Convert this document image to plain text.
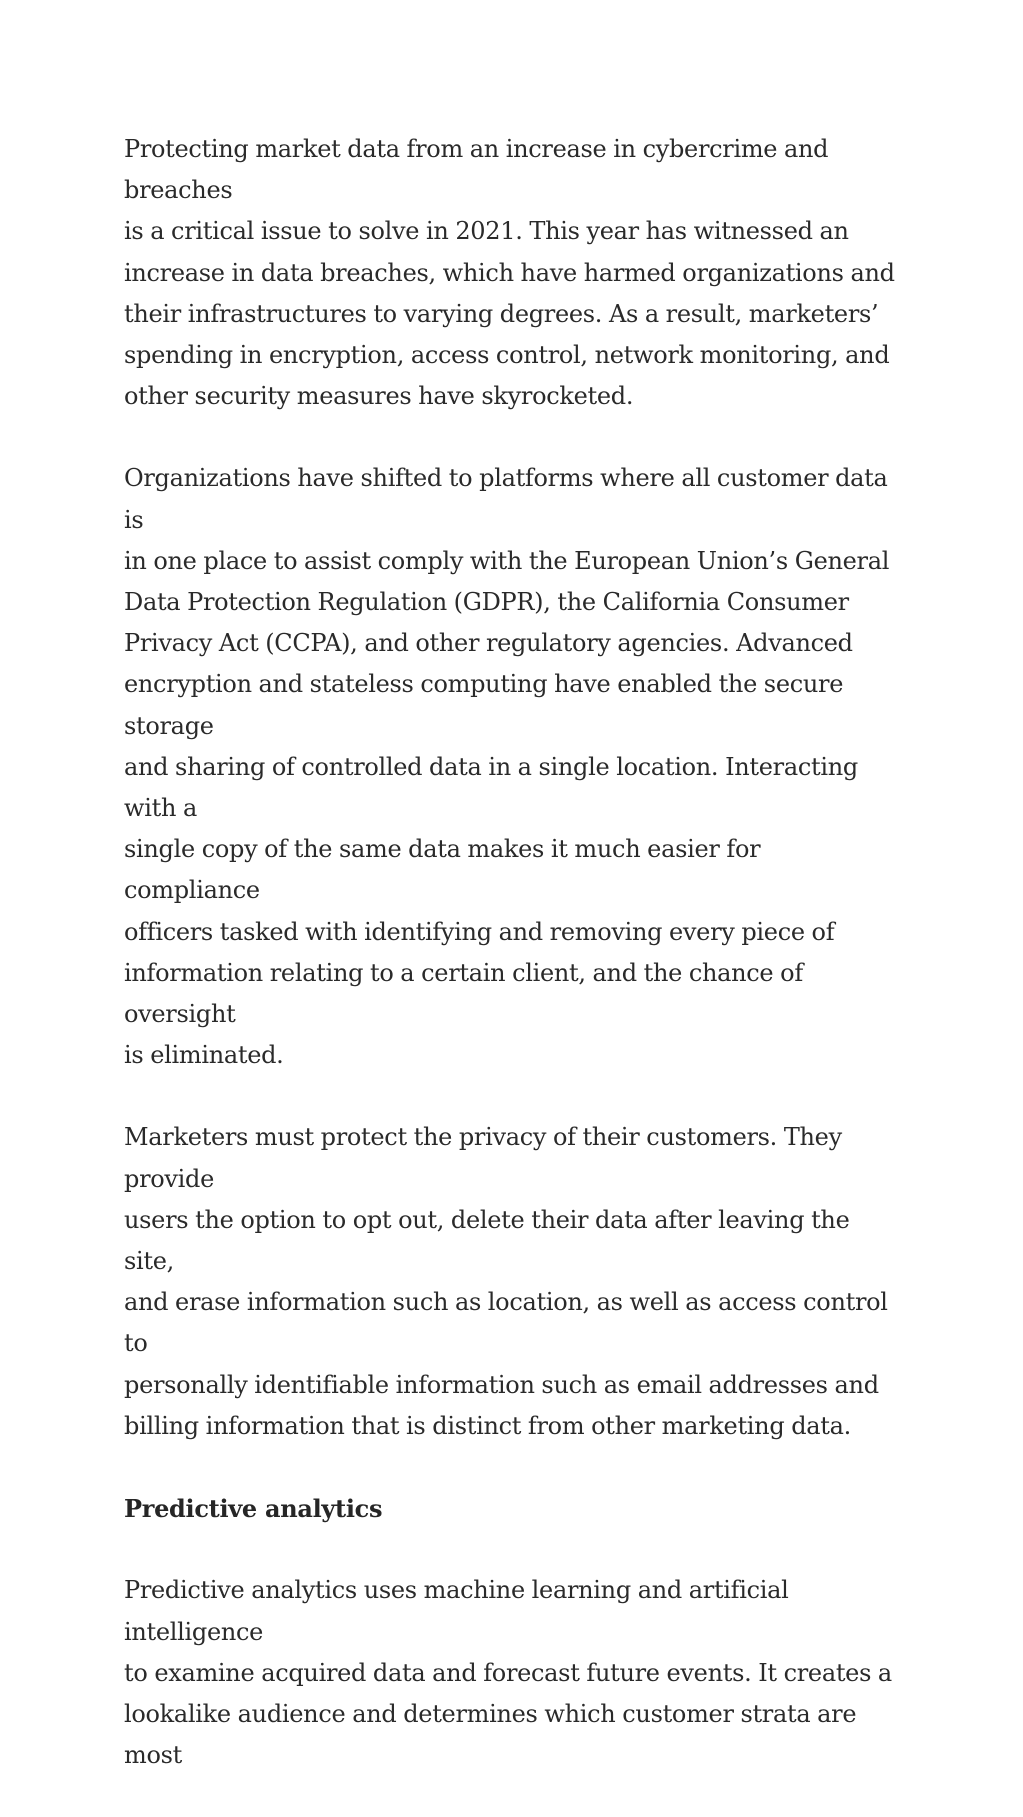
Protecting market data from an increase in cybercrime and breaches
is a critical issue to solve in 2021. This year has witnessed an
increase in data breaches, which have harmed organizations and
their infrastructures to varying degrees. As a result, marketers’
spending in encryption, access control, network monitoring, and
other security measures have skyrocketed.

Organizations have shifted to platforms where all customer data is
in one place to assist comply with the European Union’s General
Data Protection Regulation (GDPR), the California Consumer
Privacy Act (CCPA), and other regulatory agencies. Advanced
encryption and stateless computing have enabled the secure storage
and sharing of controlled data in a single location. Interacting with a
single copy of the same data makes it much easier for compliance
officers tasked with identifying and removing every piece of
information relating to a certain client, and the chance of oversight
is eliminated.

Marketers must protect the privacy of their customers. They provide
users the option to opt out, delete their data after leaving the site,
and erase information such as location, as well as access control to
personally identifiable information such as email addresses and
billing information that is distinct from other marketing data.

Predictive analytics

Predictive analytics uses machine learning and artificial intelligence
to examine acquired data and forecast future events. It creates a
lookalike audience and determines which customer strata are most
